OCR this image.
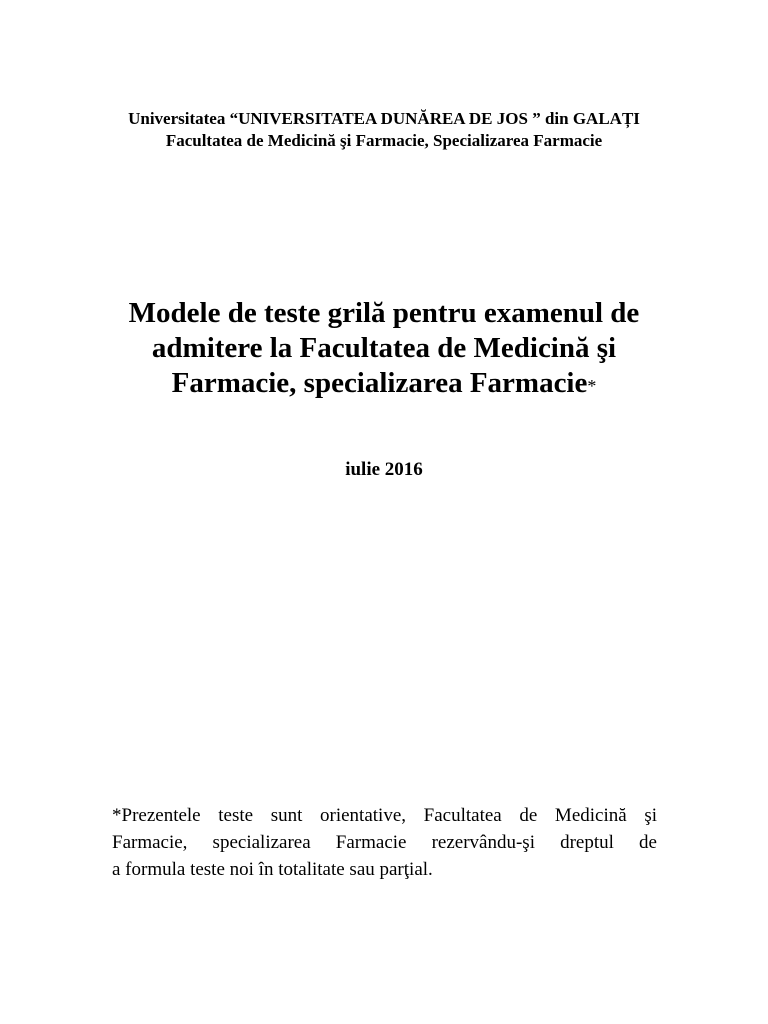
Universitatea “UNIVERSITATEA DUNĂREA DE JOS ” din GALAȚI
Facultatea de Medicină şi Farmacie, Specializarea Farmacie
Modele de teste grilă pentru examenul de
admitere la Facultatea de Medicină şi
Farmacie, specializarea Farmacie*
iulie 2016
*Prezentele teste sunt orientative, Facultatea de Medicină şi
Farmacie, specializarea Farmacie rezervându-şi dreptul de
a formula teste noi în totalitate sau parţial.
